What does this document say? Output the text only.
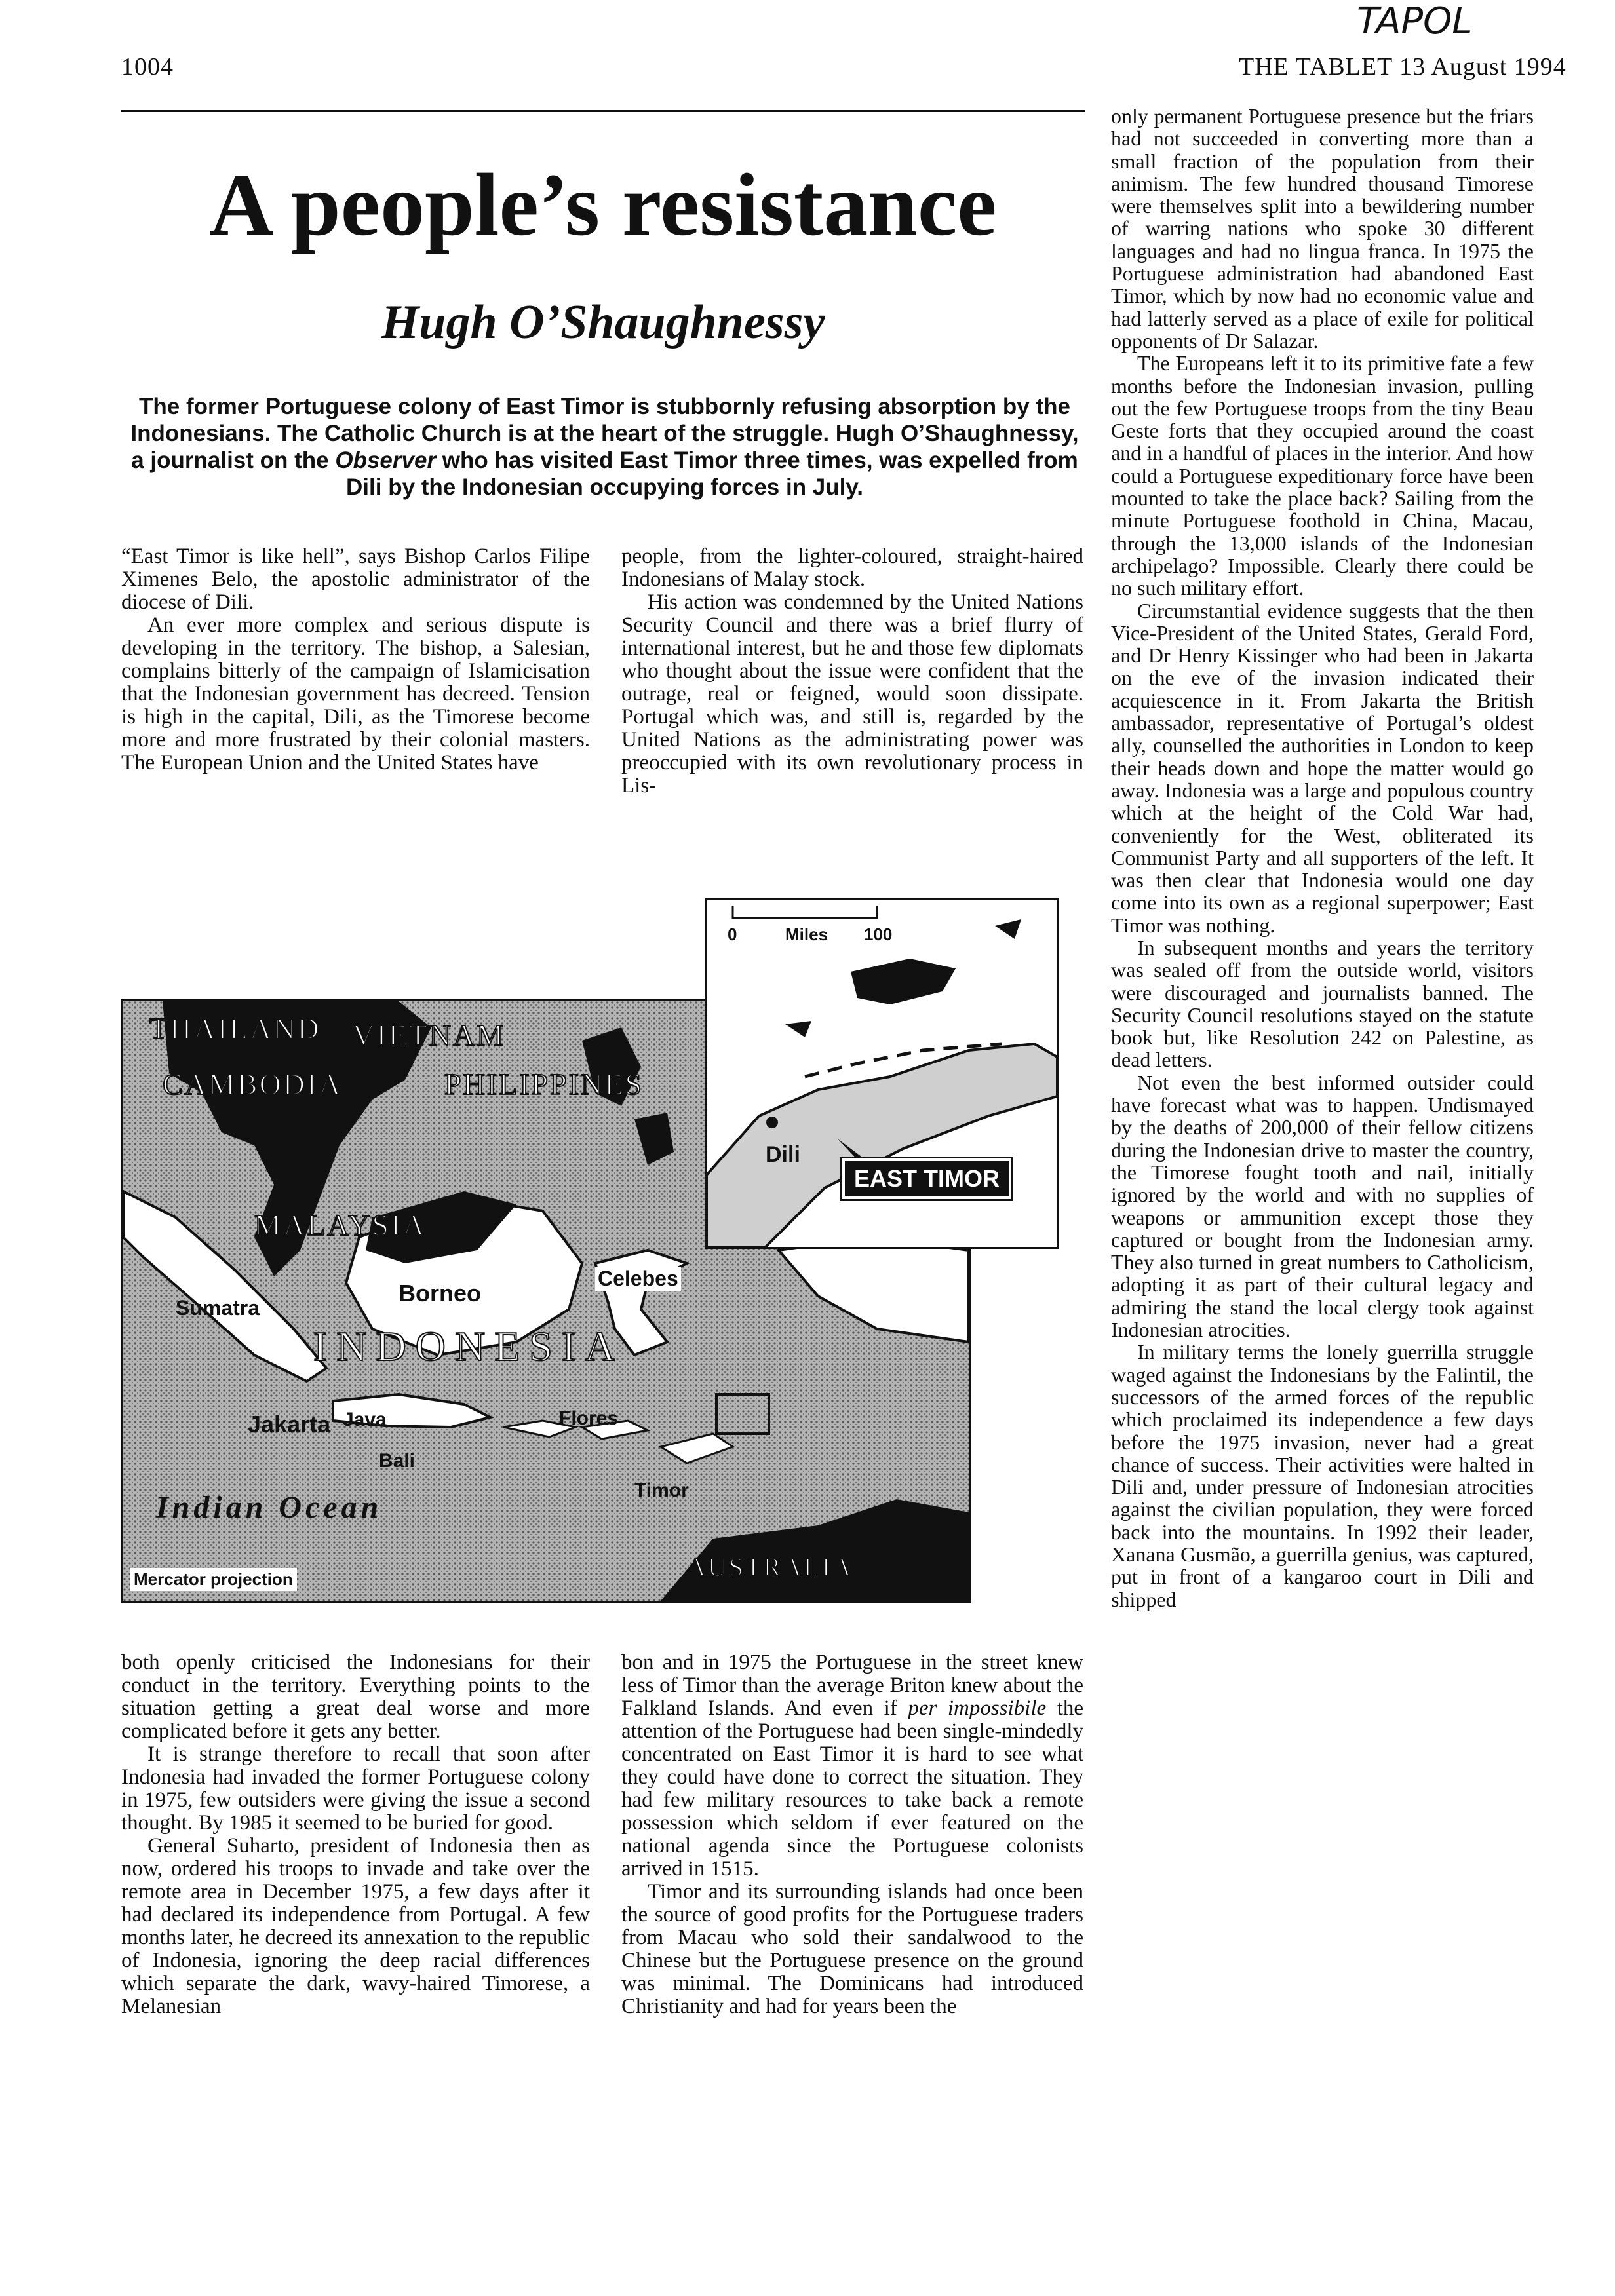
1004	THE TABLET 13 August 1994
TAPOL
A people’s resistance
Hugh O’Shaughnessy

The former Portuguese colony of East Timor is stubbornly refusing absorption by the Indonesians. The Catholic Church is at the heart of the struggle. Hugh O’Shaughnessy, a journalist on the Observer who has visited East Timor three times, was expelled from Dili by the Indonesian occupying forces in July.

“East Timor is like hell”, says Bishop Carlos Filipe Ximenes Belo, the apostolic administrator of the diocese of Dili.

An ever more complex and serious dispute is developing in the territory. The bishop, a Salesian, complains bitterly of the campaign of Islamicisation that the Indonesian government has decreed. Tension is high in the capital, Dili, as the Timorese become more and more frustrated by their colonial masters. The European Union and the United States have

people, from the lighter-coloured, straight-haired Indonesians of Malay stock.

His action was condemned by the United Nations Security Council and there was a brief flurry of international interest, but he and those few diplomats who thought about the issue were confident that the outrage, real or feigned, would soon dissipate. Portugal which was, and still is, regarded by the United Nations as the administrating power was preoccupied with its own revolutionary process in Lis-

THAILAND VIETNAM
CAMBODIA	PHILIPPINES
MALAYSIA
Borneo
Sumatra
Celebes
INDONESIA
Jakarta Java
Bali
Flores
Timor
Indian Ocean
AUSTRALIA
Mercator projection
0	Miles 100
Dili
EAST TIMOR

both openly criticised the Indonesians for their conduct in the territory. Everything points to the situation getting a great deal worse and more complicated before it gets any better.

It is strange therefore to recall that soon after Indonesia had invaded the former Portuguese colony in 1975, few outsiders were giving the issue a second thought. By 1985 it seemed to be buried for good.

General Suharto, president of Indonesia then as now, ordered his troops to invade and take over the remote area in December 1975, a few days after it had declared its independence from Portugal. A few months later, he decreed its annexation to the republic of Indonesia, ignoring the deep racial differences which separate the dark, wavy-haired Timorese, a Melanesian

bon and in 1975 the Portuguese in the street knew less of Timor than the average Briton knew about the Falkland Islands. And even if per impossibile the attention of the Portuguese had been single-mindedly concentrated on East Timor it is hard to see what they could have done to correct the situation. They had few military resources to take back a remote possession which seldom if ever featured on the national agenda since the Portuguese colonists arrived in 1515.

Timor and its surrounding islands had once been the source of good profits for the Portuguese traders from Macau who sold their sandalwood to the Chinese but the Portuguese presence on the ground was minimal. The Dominicans had introduced Christianity and had for years been the

only permanent Portuguese presence but the friars had not succeeded in converting more than a small fraction of the population from their animism. The few hundred thousand Timorese were themselves split into a bewildering number of warring nations who spoke 30 different languages and had no lingua franca. In 1975 the Portuguese administration had abandoned East Timor, which by now had no economic value and had latterly served as a place of exile for political opponents of Dr Salazar.

The Europeans left it to its primitive fate a few months before the Indonesian invasion, pulling out the few Portuguese troops from the tiny Beau Geste forts that they occupied around the coast and in a handful of places in the interior. And how could a Portuguese expeditionary force have been mounted to take the place back? Sailing from the minute Portuguese foothold in China, Macau, through the 13,000 islands of the Indonesian archipelago? Impossible. Clearly there could be no such military effort.

Circumstantial evidence suggests that the then Vice-President of the United States, Gerald Ford, and Dr Henry Kissinger who had been in Jakarta on the eve of the invasion indicated their acquiescence in it. From Jakarta the British ambassador, representative of Portugal’s oldest ally, counselled the authorities in London to keep their heads down and hope the matter would go away. Indonesia was a large and populous country which at the height of the Cold War had, conveniently for the West, obliterated its Communist Party and all supporters of the left. It was then clear that Indonesia would one day come into its own as a regional superpower; East Timor was nothing.

In subsequent months and years the territory was sealed off from the outside world, visitors were discouraged and journalists banned. The Security Council resolutions stayed on the statute book but, like Resolution 242 on Palestine, as dead letters.

Not even the best informed outsider could have forecast what was to happen. Undismayed by the deaths of 200,000 of their fellow citizens during the Indonesian drive to master the country, the Timorese fought tooth and nail, initially ignored by the world and with no supplies of weapons or ammunition except those they captured or bought from the Indonesian army. They also turned in great numbers to Catholicism, adopting it as part of their cultural legacy and admiring the stand the local clergy took against Indonesian atrocities.

In military terms the lonely guerrilla struggle waged against the Indonesians by the Falintil, the successors of the armed forces of the republic which proclaimed its independence a few days before the 1975 invasion, never had a great chance of success. Their activities were halted in Dili and, under pressure of Indonesian atrocities against the civilian population, they were forced back into the mountains. In 1992 their leader, Xanana Gusmão, a guerrilla genius, was captured, put in front of a kangaroo court in Dili and shipped
